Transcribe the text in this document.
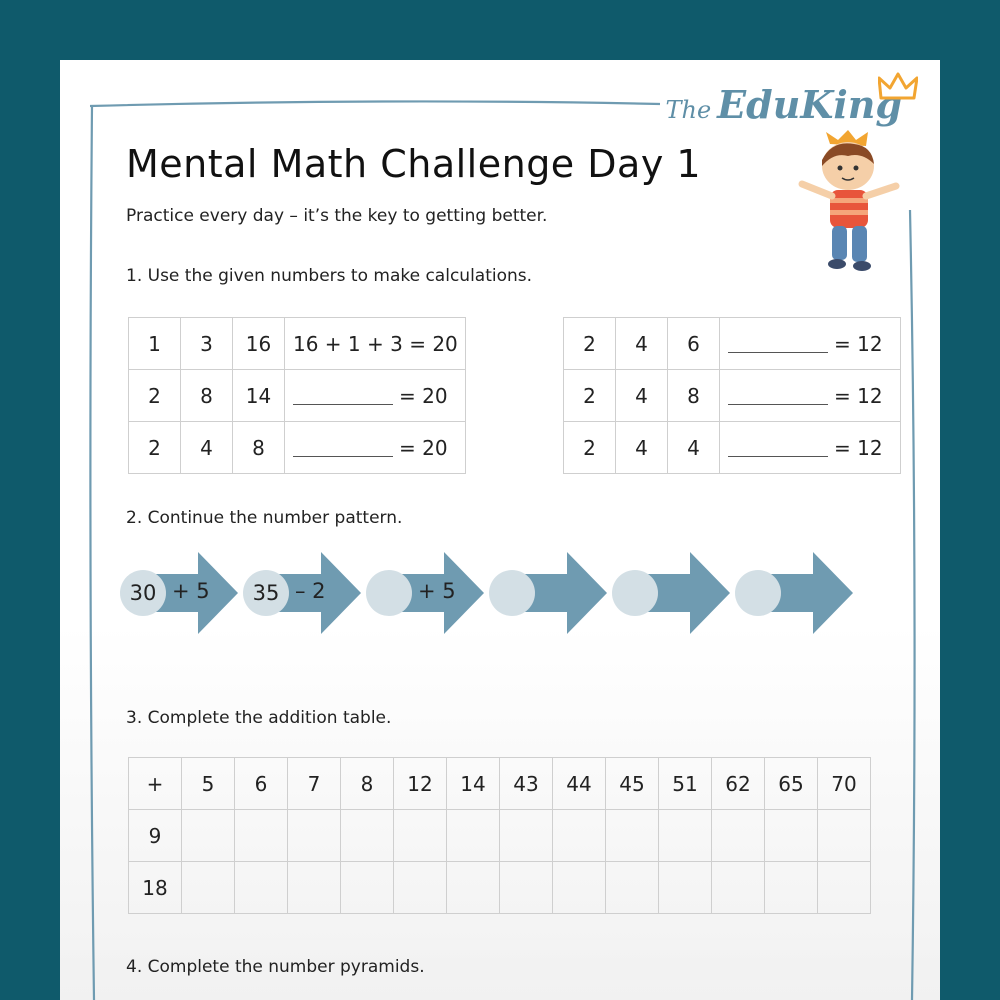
The EduKing
Mental Math Challenge Day 1
Practice every day – it’s the key to getting better.
1. Use the given numbers to make calculations.
1	3	16	16 + 1 + 3 = 20
2	8	14	= 20
2	4	8	= 20
2	4	6	= 12
2	4	8	= 12
2	4	4	= 12
2. Continue the number pattern.
30 + 5	35 – 2	+ 5
3. Complete the addition table.
+	5	6	7	8	12	14	43	44	45	51	62	65	70
9													
18													
4. Complete the number pyramids.
